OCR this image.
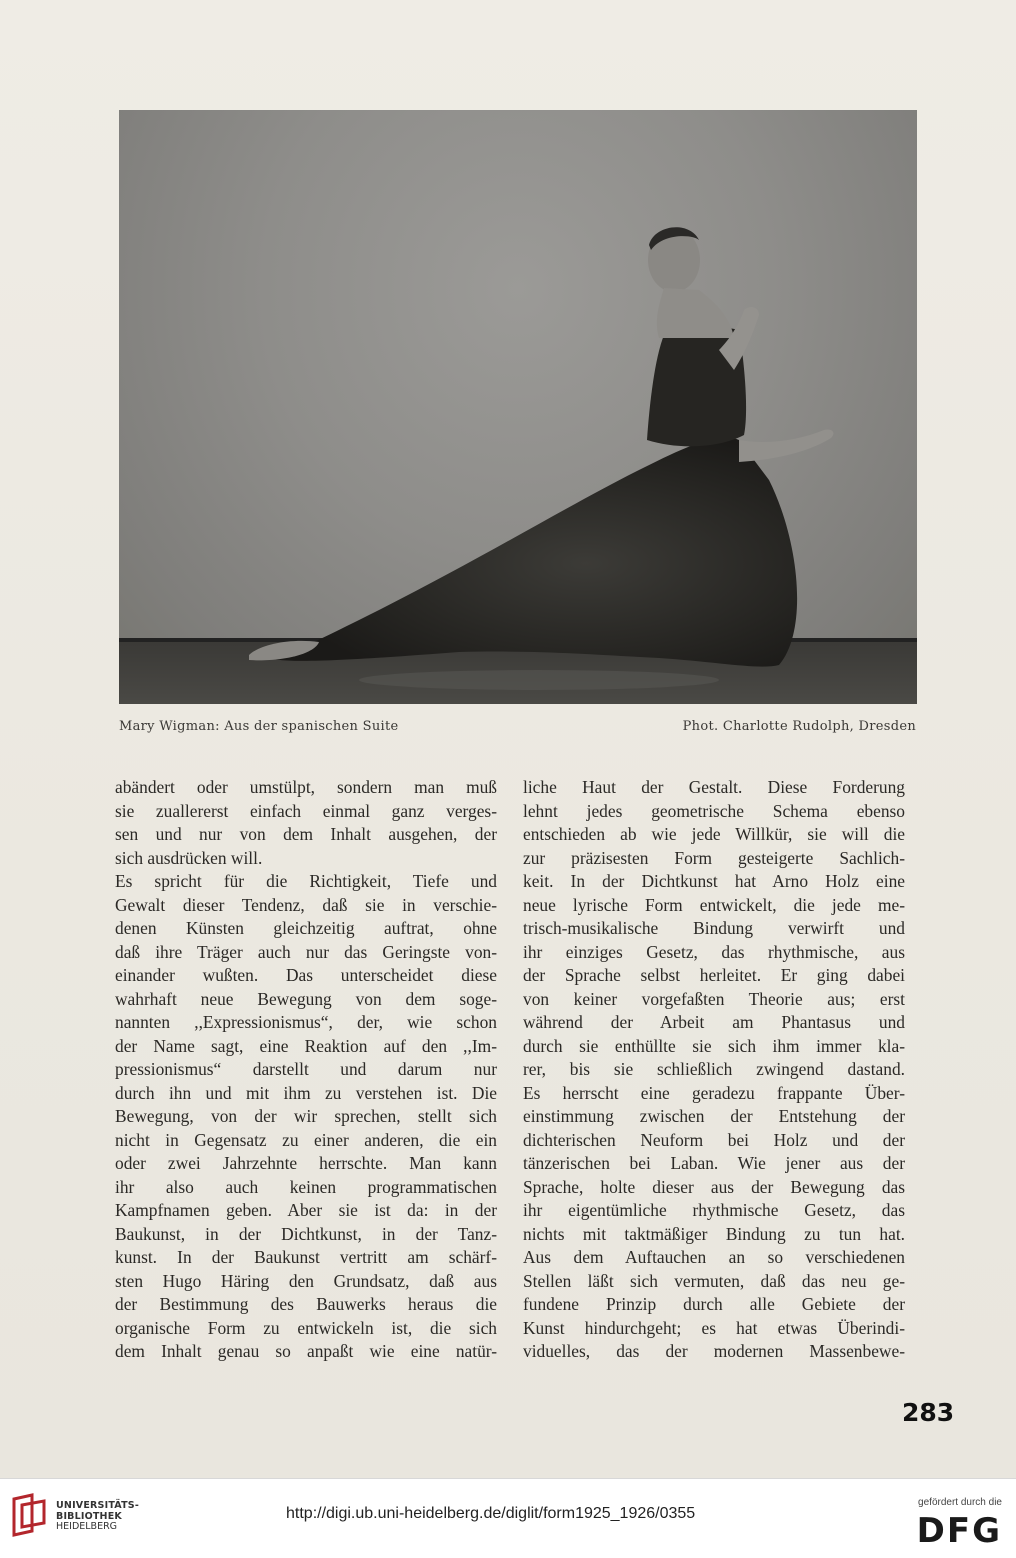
Mary Wigman: Aus der spanischen Suite	Phot. Charlotte Rudolph, Dresden

abändert oder umstülpt, sondern man muß

sie zuallererst einfach einmal ganz verges-

sen und nur von dem Inhalt ausgehen, der

sich ausdrücken will.

Es spricht für die Richtigkeit, Tiefe und

Gewalt dieser Tendenz, daß sie in verschie-

denen Künsten gleichzeitig auftrat, ohne

daß ihre Träger auch nur das Geringste von-

einander wußten. Das unterscheidet diese

wahrhaft neue Bewegung von dem soge-

nannten ,,Expressionismus“, der, wie schon

der Name sagt, eine Reaktion auf den ,,Im-

pressionismus“ darstellt und darum nur

durch ihn und mit ihm zu verstehen ist. Die

Bewegung, von der wir sprechen, stellt sich

nicht in Gegensatz zu einer anderen, die ein

oder zwei Jahrzehnte herrschte. Man kann

ihr also auch keinen programmatischen

Kampfnamen geben. Aber sie ist da: in der

Baukunst, in der Dichtkunst, in der Tanz-

kunst. In der Baukunst vertritt am schärf-

sten Hugo Häring den Grundsatz, daß aus

der Bestimmung des Bauwerks heraus die

organische Form zu entwickeln ist, die sich

dem Inhalt genau so anpaßt wie eine natür-

liche Haut der Gestalt. Diese Forderung

lehnt jedes geometrische Schema ebenso

entschieden ab wie jede Willkür, sie will die

zur präzisesten Form gesteigerte Sachlich-

keit. In der Dichtkunst hat Arno Holz eine

neue lyrische Form entwickelt, die jede me-

trisch-musikalische Bindung verwirft und

ihr einziges Gesetz, das rhythmische, aus

der Sprache selbst herleitet. Er ging dabei

von keiner vorgefaßten Theorie aus; erst

während der Arbeit am Phantasus und

durch sie enthüllte sie sich ihm immer kla-

rer, bis sie schließlich zwingend dastand.

Es herrscht eine geradezu frappante Über-

einstimmung zwischen der Entstehung der

dichterischen Neuform bei Holz und der

tänzerischen bei Laban. Wie jener aus der

Sprache, holte dieser aus der Bewegung das

ihr eigentümliche rhythmische Gesetz, das

nichts mit taktmäßiger Bindung zu tun hat.

Aus dem Auftauchen an so verschiedenen

Stellen läßt sich vermuten, daß das neu ge-

fundene Prinzip durch alle Gebiete der

Kunst hindurchgeht; es hat etwas Überindi-

viduelles, das der modernen Massenbewe-

283
UNIVERSITÄTS-
BIBLIOTHEK
HEIDELBERG
http://digi.ub.uni-heidelberg.de/diglit/form1925_1926/0355
gefördert durch die
DFG
